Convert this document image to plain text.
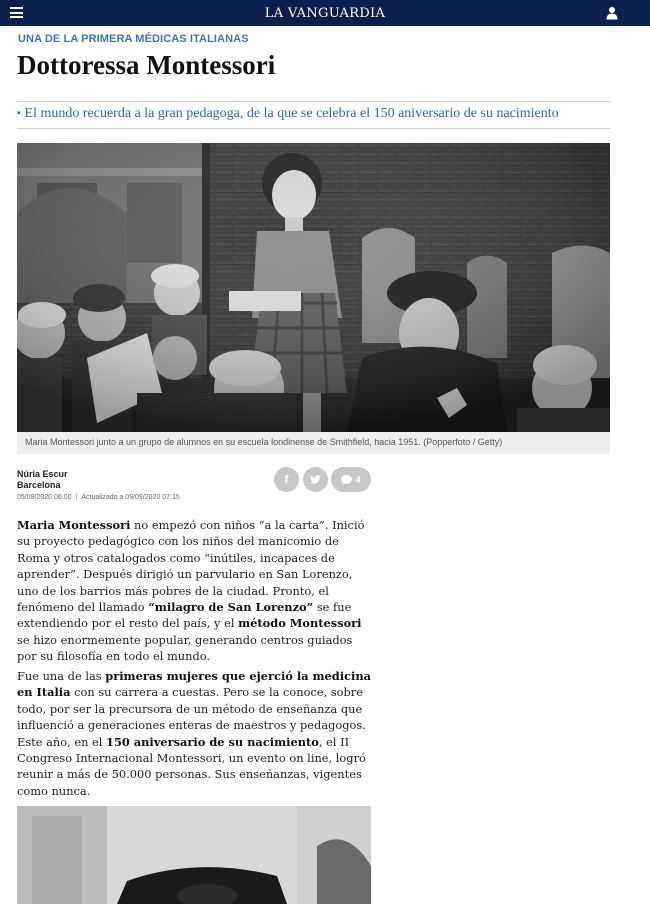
LA VANGUARDIA
UNA DE LA PRIMERA MÉDICAS ITALIANAS
Dottoressa Montessori
▪ El mundo recuerda a la gran pedagoga, de la que se celebra el 150 aniversario de su nacimiento
Maria Montessori junto a un grupo de alumnos en su escuela londinense de Smithfield, hacia 1951. (Popperfoto / Getty)
Núria Escur
Barcelona
05/09/2020 06:00 | Actualizado a 09/09/2020 07:15
f	4

Maria Montessori no empezó con niños “a la carta”. Inició su proyecto pedagógico con los niños del manicomio de Roma y otros catalogados como “inútiles, incapaces de aprender”. Después dirigió un parvulario en San Lorenzo, uno de los barrios más pobres de la ciudad. Pronto, el fenómeno del llamado “milagro de San Lorenzo” se fue extendiendo por el resto del país, y el método Montessori se hizo enormemente popular, generando centros guiados por su filosofía en todo el mundo.

Fue una de las primeras mujeres que ejerció la medicina en Italia con su carrera a cuestas. Pero se la conoce, sobre todo, por ser la precursora de un método de enseñanza que influenció a generaciones enteras de maestros y pedagogos. Este año, en el 150 aniversario de su nacimiento, el II Congreso Internacional Montessori, un evento on line, logró reunir a más de 50.000 personas. Sus enseñanzas, vigentes como nunca.
